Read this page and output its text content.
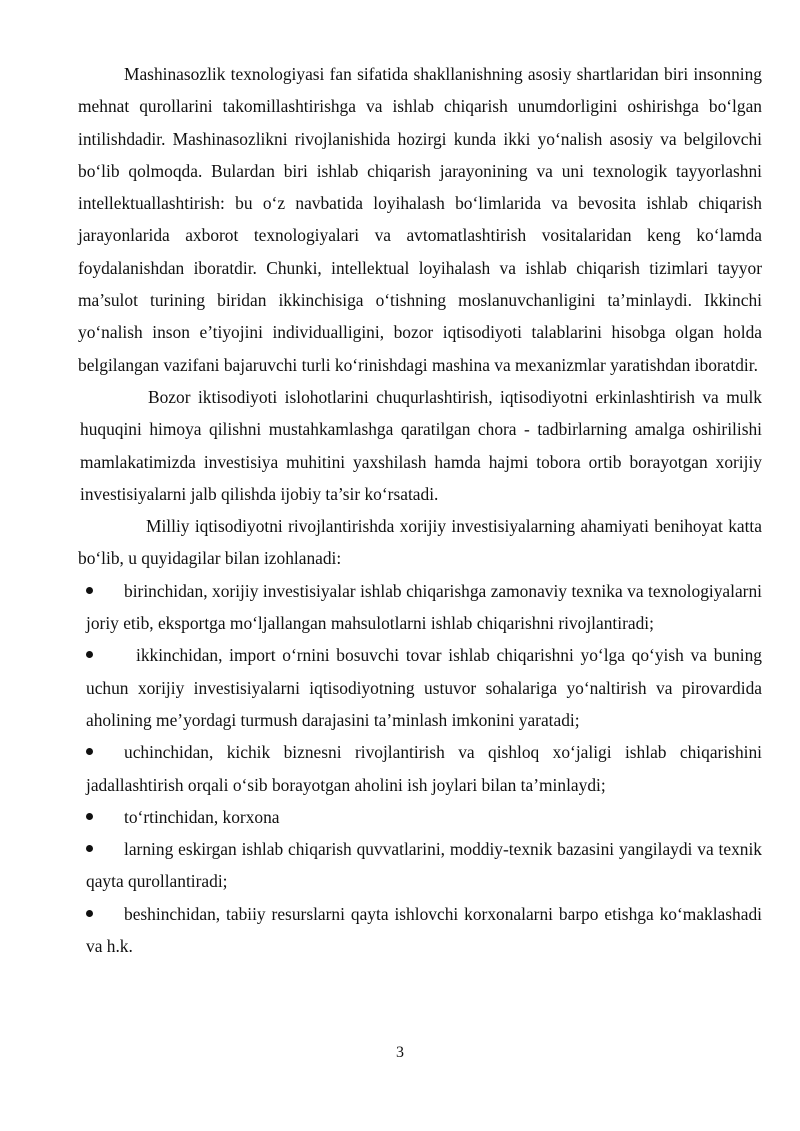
Mashinasozlik texnologiyasi fan sifatida shakllanishning asosiy shartlaridan biri insonning mehnat qurollarini takomillashtirishga va ishlab chiqarish unumdorligini oshirishga bo‘lgan intilishdadir. Mashinasozlikni rivojlanishida hozirgi kunda ikki yo‘nalish asosiy va belgilovchi bo‘lib qolmoqda. Bulardan biri ishlab chiqarish jarayonining va uni texnologik tayyorlashni intellektuallashtirish: bu o‘z navbatida loyihalash bo‘limlarida va bevosita ishlab chiqarish jarayonlarida axborot texnologiyalari va avtomatlashtirish vositalaridan keng ko‘lamda foydalanishdan iboratdir. Chunki, intellektual loyihalash va ishlab chiqarish tizimlari tayyor ma’sulot turining biridan ikkinchisiga o‘tishning moslanuvchanligini ta’minlaydi. Ikkinchi yo‘nalish inson e’tiyojini individualligini, bozor iqtisodiyoti talablarini hisobga olgan holda belgilangan vazifani bajaruvchi turli ko‘rinishdagi mashina va mexanizmlar yaratishdan iboratdir.

Bozor iktisodiyoti islohotlarini chuqurlashtirish, iqtisodiyotni erkinlashtirish va mulk huquqini himoya qilishni mustahkamlashga qaratilgan chora - tadbirlarning amalga oshirilishi mamlakatimizda investisiya muhitini yaxshilash hamda hajmi tobora ortib borayotgan xorijiy investisiyalarni jalb qilishda ijobiy ta’sir ko‘rsatadi.

Milliy iqtisodiyotni rivojlantirishda xorijiy investisiyalarning ahamiyati benihoyat katta bo‘lib, u quyidagilar bilan izohlanadi:

birinchidan, xorijiy investisiyalar ishlab chiqarishga zamonaviy texnika va texnologiyalarni joriy etib, eksportga mo‘ljallangan mahsulotlarni ishlab chiqarishni rivojlantiradi;
ikkinchidan, import o‘rnini bosuvchi tovar ishlab chiqarishni yo‘lga qo‘yish va buning uchun xorijiy investisiyalarni iqtisodiyotning ustuvor sohalariga yo‘naltirish va pirovardida aholining me’yordagi turmush darajasini ta’minlash imkonini yaratadi;
uchinchidan, kichik biznesni rivojlantirish va qishloq xo‘jaligi ishlab chiqarishini jadallashtirish orqali o‘sib borayotgan aholini ish joylari bilan ta’minlaydi;
to‘rtinchidan, korxona
larning eskirgan ishlab chiqarish quvvatlarini, moddiy-texnik bazasini yangilaydi va texnik qayta qurollantiradi;
beshinchidan, tabiiy resurslarni qayta ishlovchi korxonalarni barpo etishga ko‘maklashadi va h.k.
3
